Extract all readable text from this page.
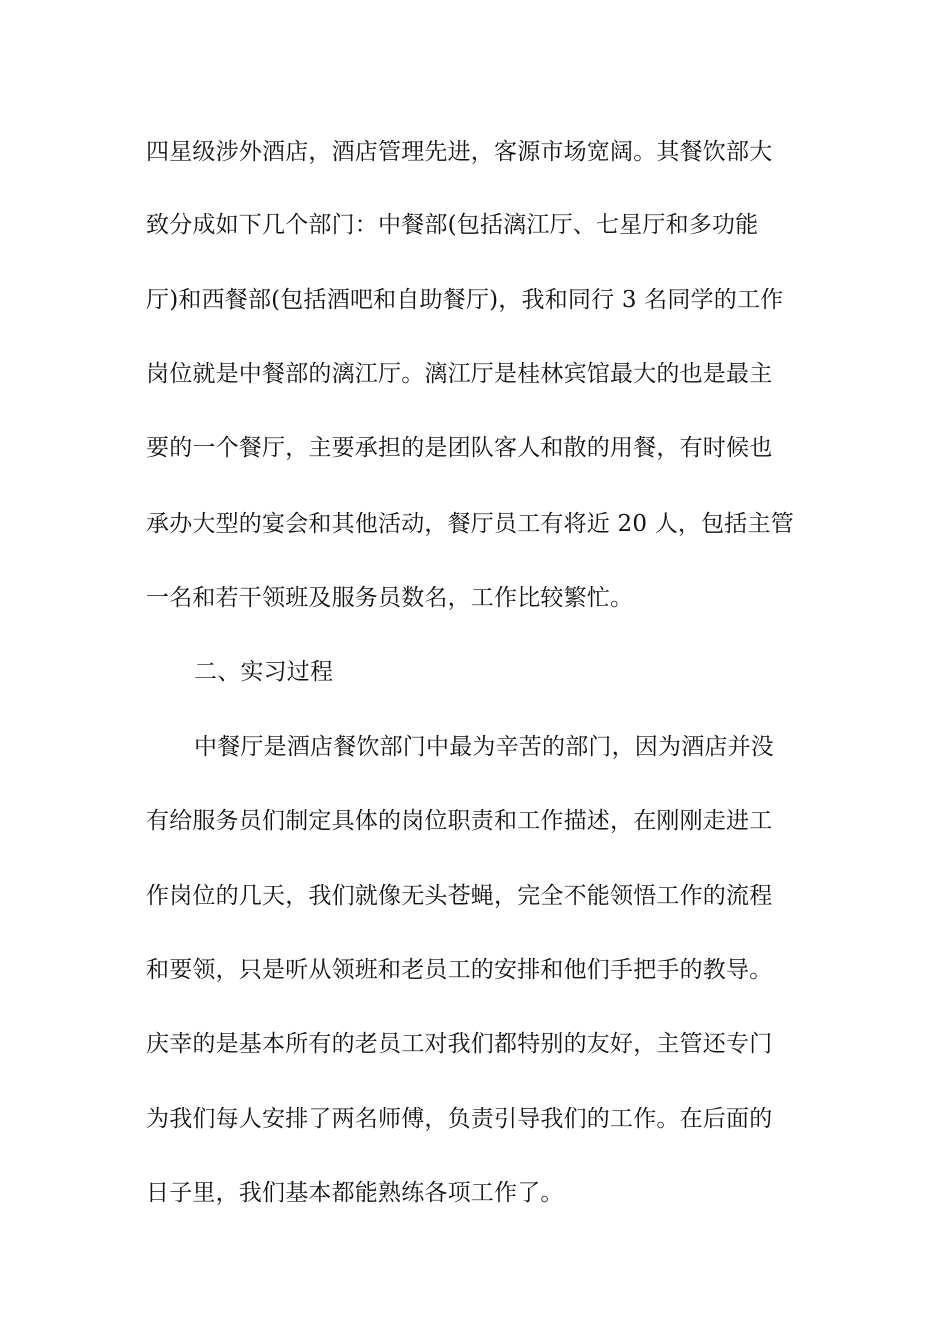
四星级涉外酒店，酒店管理先进，客源市场宽阔。其餐饮部大
致分成如下几个部门：中餐部(包括漓江厅、七星厅和多功能
厅)和西餐部(包括酒吧和自助餐厅)，我和同行 3 名同学的工作
岗位就是中餐部的漓江厅。漓江厅是桂林宾馆最大的也是最主
要的一个餐厅，主要承担的是团队客人和散的用餐，有时候也
承办大型的宴会和其他活动，餐厅员工有将近 20 人，包括主管
一名和若干领班及服务员数名，工作比较繁忙。
二、实习过程
中餐厅是酒店餐饮部门中最为辛苦的部门，因为酒店并没
有给服务员们制定具体的岗位职责和工作描述，在刚刚走进工
作岗位的几天，我们就像无头苍蝇，完全不能领悟工作的流程
和要领，只是听从领班和老员工的安排和他们手把手的教导。
庆幸的是基本所有的老员工对我们都特别的友好，主管还专门
为我们每人安排了两名师傅，负责引导我们的工作。在后面的
日子里，我们基本都能熟练各项工作了。
